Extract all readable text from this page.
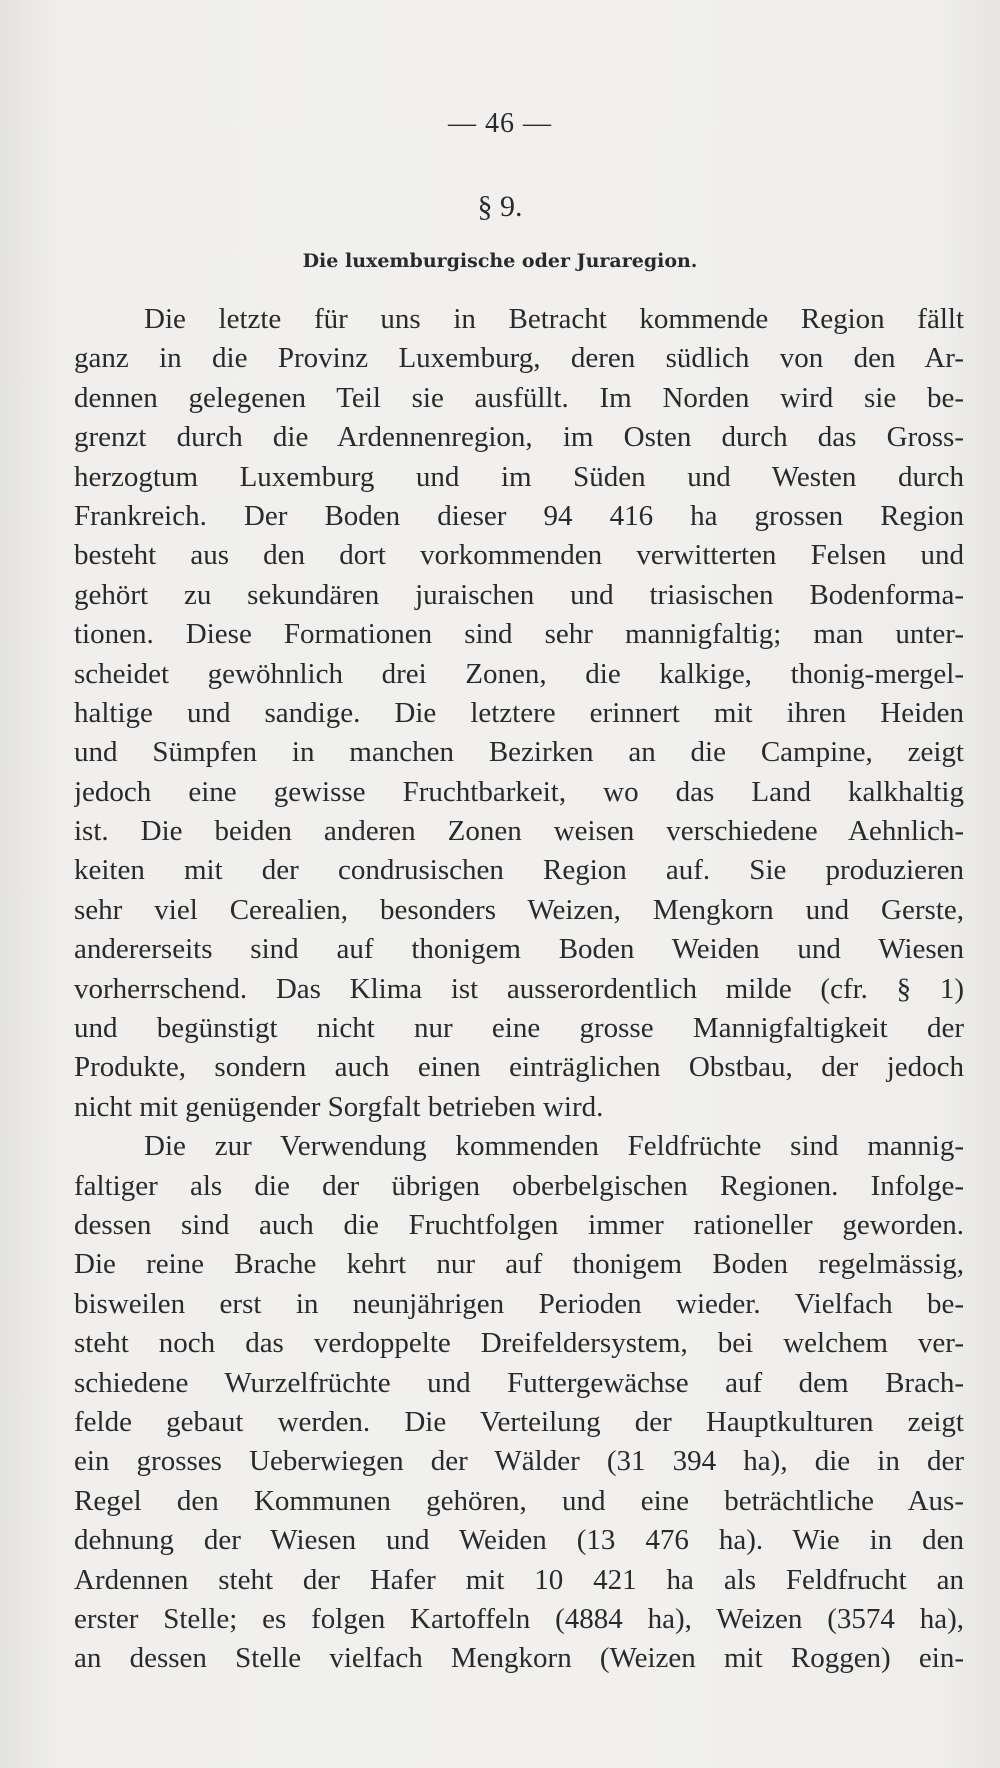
— 46 —
§ 9.
Die luxemburgische oder Juraregion.
Die letzte für uns in Betracht kommende Region fällt
ganz in die Provinz Luxemburg, deren südlich von den Ar-
dennen gelegenen Teil sie ausfüllt. Im Norden wird sie be-
grenzt durch die Ardennenregion, im Osten durch das Gross-
herzogtum Luxemburg und im Süden und Westen durch
Frankreich. Der Boden dieser 94 416 ha grossen Region
besteht aus den dort vorkommenden verwitterten Felsen und
gehört zu sekundären juraischen und triasischen Bodenforma-
tionen. Diese Formationen sind sehr mannigfaltig; man unter-
scheidet gewöhnlich drei Zonen, die kalkige, thonig-mergel-
haltige und sandige. Die letztere erinnert mit ihren Heiden
und Sümpfen in manchen Bezirken an die Campine, zeigt
jedoch eine gewisse Fruchtbarkeit, wo das Land kalkhaltig
ist. Die beiden anderen Zonen weisen verschiedene Aehnlich-
keiten mit der condrusischen Region auf. Sie produzieren
sehr viel Cerealien, besonders Weizen, Mengkorn und Gerste,
andererseits sind auf thonigem Boden Weiden und Wiesen
vorherrschend. Das Klima ist ausserordentlich milde (cfr. § 1)
und begünstigt nicht nur eine grosse Mannigfaltigkeit der
Produkte, sondern auch einen einträglichen Obstbau, der jedoch
nicht mit genügender Sorgfalt betrieben wird.
Die zur Verwendung kommenden Feldfrüchte sind mannig-
faltiger als die der übrigen oberbelgischen Regionen. Infolge-
dessen sind auch die Fruchtfolgen immer rationeller geworden.
Die reine Brache kehrt nur auf thonigem Boden regelmässig,
bisweilen erst in neunjährigen Perioden wieder. Vielfach be-
steht noch das verdoppelte Dreifeldersystem, bei welchem ver-
schiedene Wurzelfrüchte und Futtergewächse auf dem Brach-
felde gebaut werden. Die Verteilung der Hauptkulturen zeigt
ein grosses Ueberwiegen der Wälder (31 394 ha), die in der
Regel den Kommunen gehören, und eine beträchtliche Aus-
dehnung der Wiesen und Weiden (13 476 ha). Wie in den
Ardennen steht der Hafer mit 10 421 ha als Feldfrucht an
erster Stelle; es folgen Kartoffeln (4884 ha), Weizen (3574 ha),
an dessen Stelle vielfach Mengkorn (Weizen mit Roggen) ein-
